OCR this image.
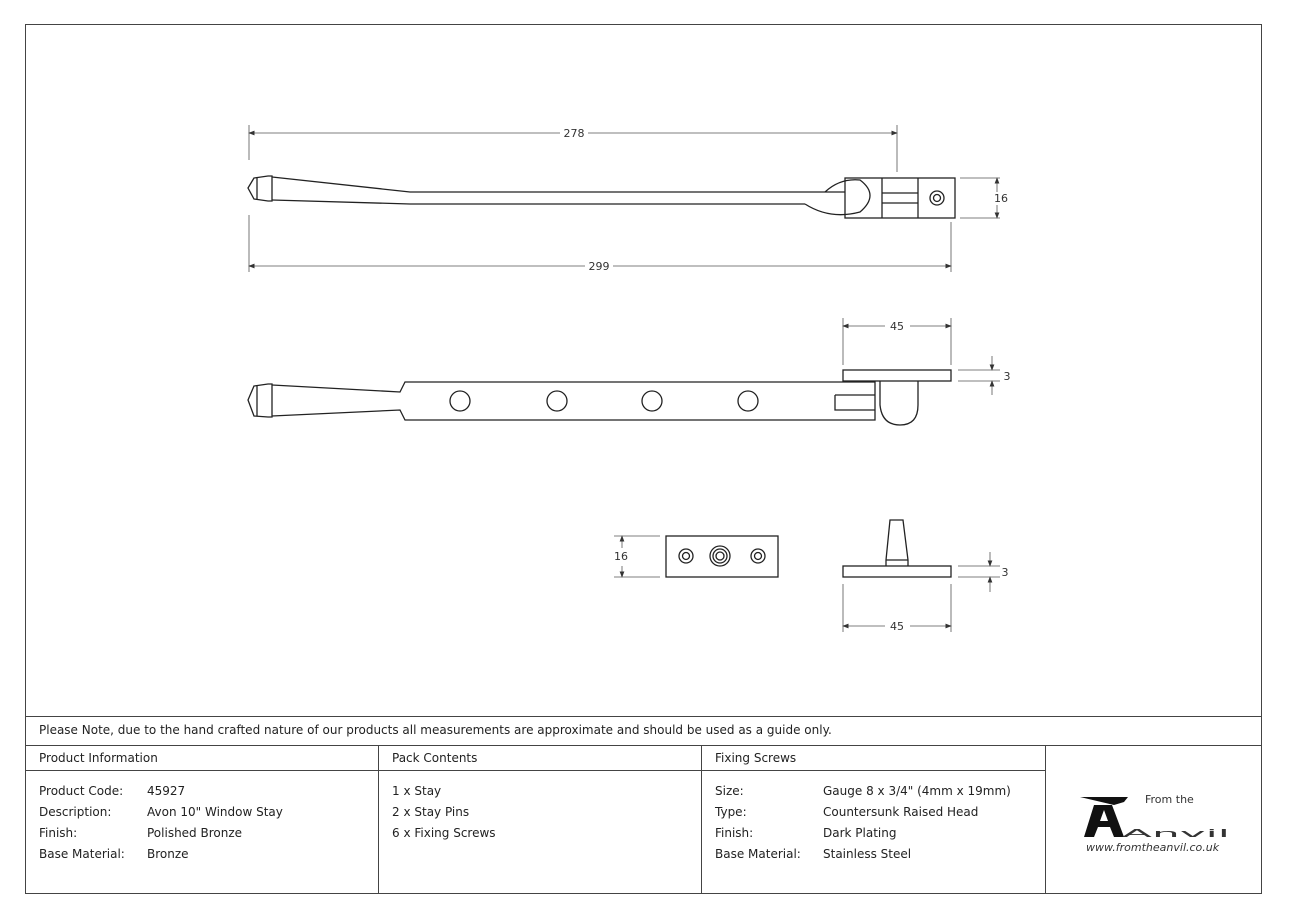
278
299
16
45
3
16
45
3
Please Note, due to the hand crafted nature of our products all measurements are approximate and should be used as a guide only.
Product Information
Product Code:	45927
Description:	Avon 10" Window Stay
Finish:	Polished Bronze
Base Material:	Bronze
Pack Contents
1 x Stay
2 x Stay Pins
6 x Fixing Screws
Fixing Screws
Size:	Gauge 8 x 3/4" (4mm x 19mm)
Type:	Countersunk Raised Head
Finish:	Dark Plating
Base Material:	Stainless Steel
From the
Anvil
www.fromtheanvil.co.uk
